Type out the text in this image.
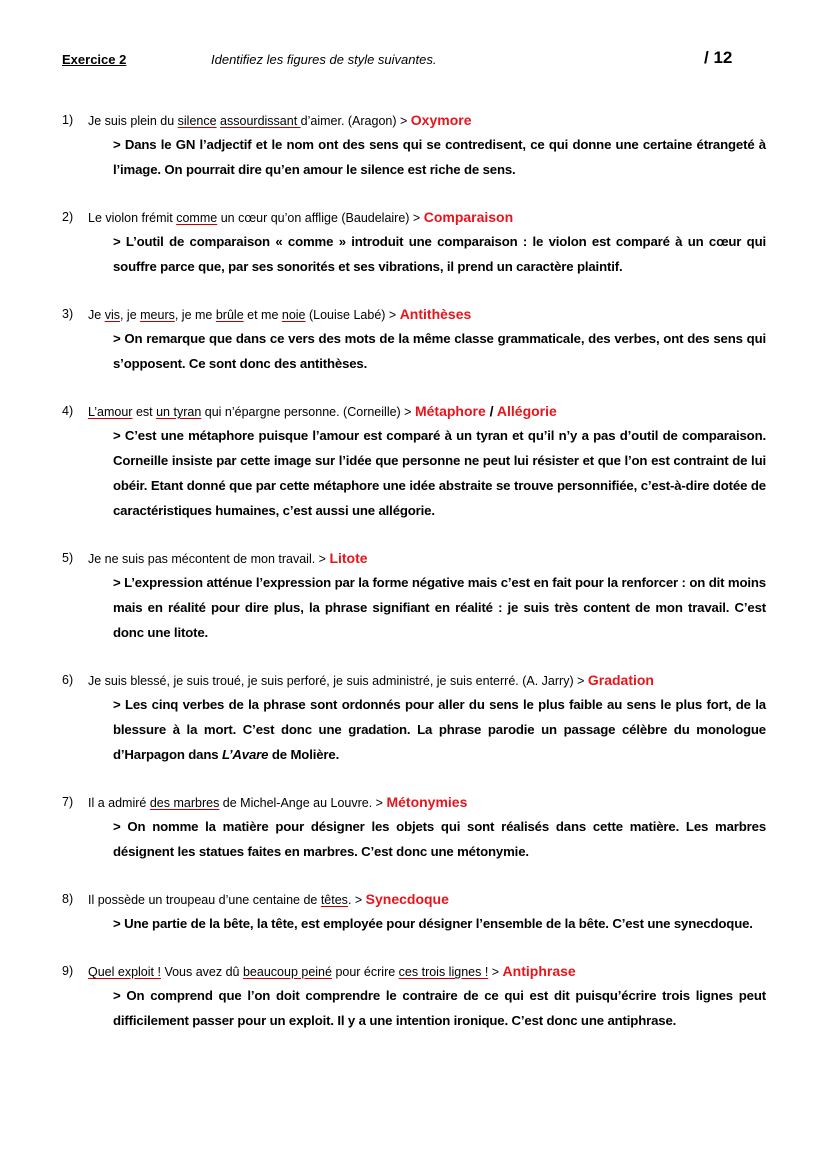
Exercice 2	Identifiez les figures de style suivantes.	/ 12
1) Je suis plein du silence assourdissant d’aimer. (Aragon) > Oxymore
> Dans le GN l’adjectif et le nom ont des sens qui se contredisent, ce qui donne une certaine étrangeté à l’image. On pourrait dire qu’en amour le silence est riche de sens.
2) Le violon frémit comme un cœur qu’on afflige (Baudelaire) > Comparaison
> L’outil de comparaison « comme » introduit une comparaison : le violon est comparé à un cœur qui souffre parce que, par ses sonorités et ses vibrations, il prend un caractère plaintif.
3) Je vis, je meurs, je me brûle et me noie (Louise Labé) > Antithèses
> On remarque que dans ce vers des mots de la même classe grammaticale, des verbes, ont des sens qui s’opposent. Ce sont donc des antithèses.
4) L’amour est un tyran qui n’épargne personne. (Corneille) > Métaphore / Allégorie
> C’est une métaphore puisque l’amour est comparé à un tyran et qu’il n’y a pas d’outil de comparaison. Corneille insiste par cette image sur l’idée que personne ne peut lui résister et que l’on est contraint de lui obéir. Etant donné que par cette métaphore une idée abstraite se trouve personnifiée, c’est-à-dire dotée de caractéristiques humaines, c’est aussi une allégorie.
5) Je ne suis pas mécontent de mon travail. > Litote
> L’expression atténue l’expression par la forme négative mais c’est en fait pour la renforcer : on dit moins mais en réalité pour dire plus, la phrase signifiant en réalité : je suis très content de mon travail. C’est donc une litote.
6) Je suis blessé, je suis troué, je suis perforé, je suis administré, je suis enterré. (A. Jarry) > Gradation
> Les cinq verbes de la phrase sont ordonnés pour aller du sens le plus faible au sens le plus fort, de la blessure à la mort. C’est donc une gradation. La phrase parodie un passage célèbre du monologue d’Harpagon dans L’Avare de Molière.
7) Il a admiré des marbres de Michel-Ange au Louvre. > Métonymies
> On nomme la matière pour désigner les objets qui sont réalisés dans cette matière. Les marbres désignent les statues faites en marbres. C’est donc une métonymie.
8) Il possède un troupeau d’une centaine de têtes. > Synecdoque
> Une partie de la bête, la tête, est employée pour désigner l’ensemble de la bête. C’est une synecdoque.
9) Quel exploit ! Vous avez dû beaucoup peiné pour écrire ces trois lignes ! > Antiphrase
> On comprend que l’on doit comprendre le contraire de ce qui est dit puisqu’écrire trois lignes peut difficilement passer pour un exploit. Il y a une intention ironique. C’est donc une antiphrase.
